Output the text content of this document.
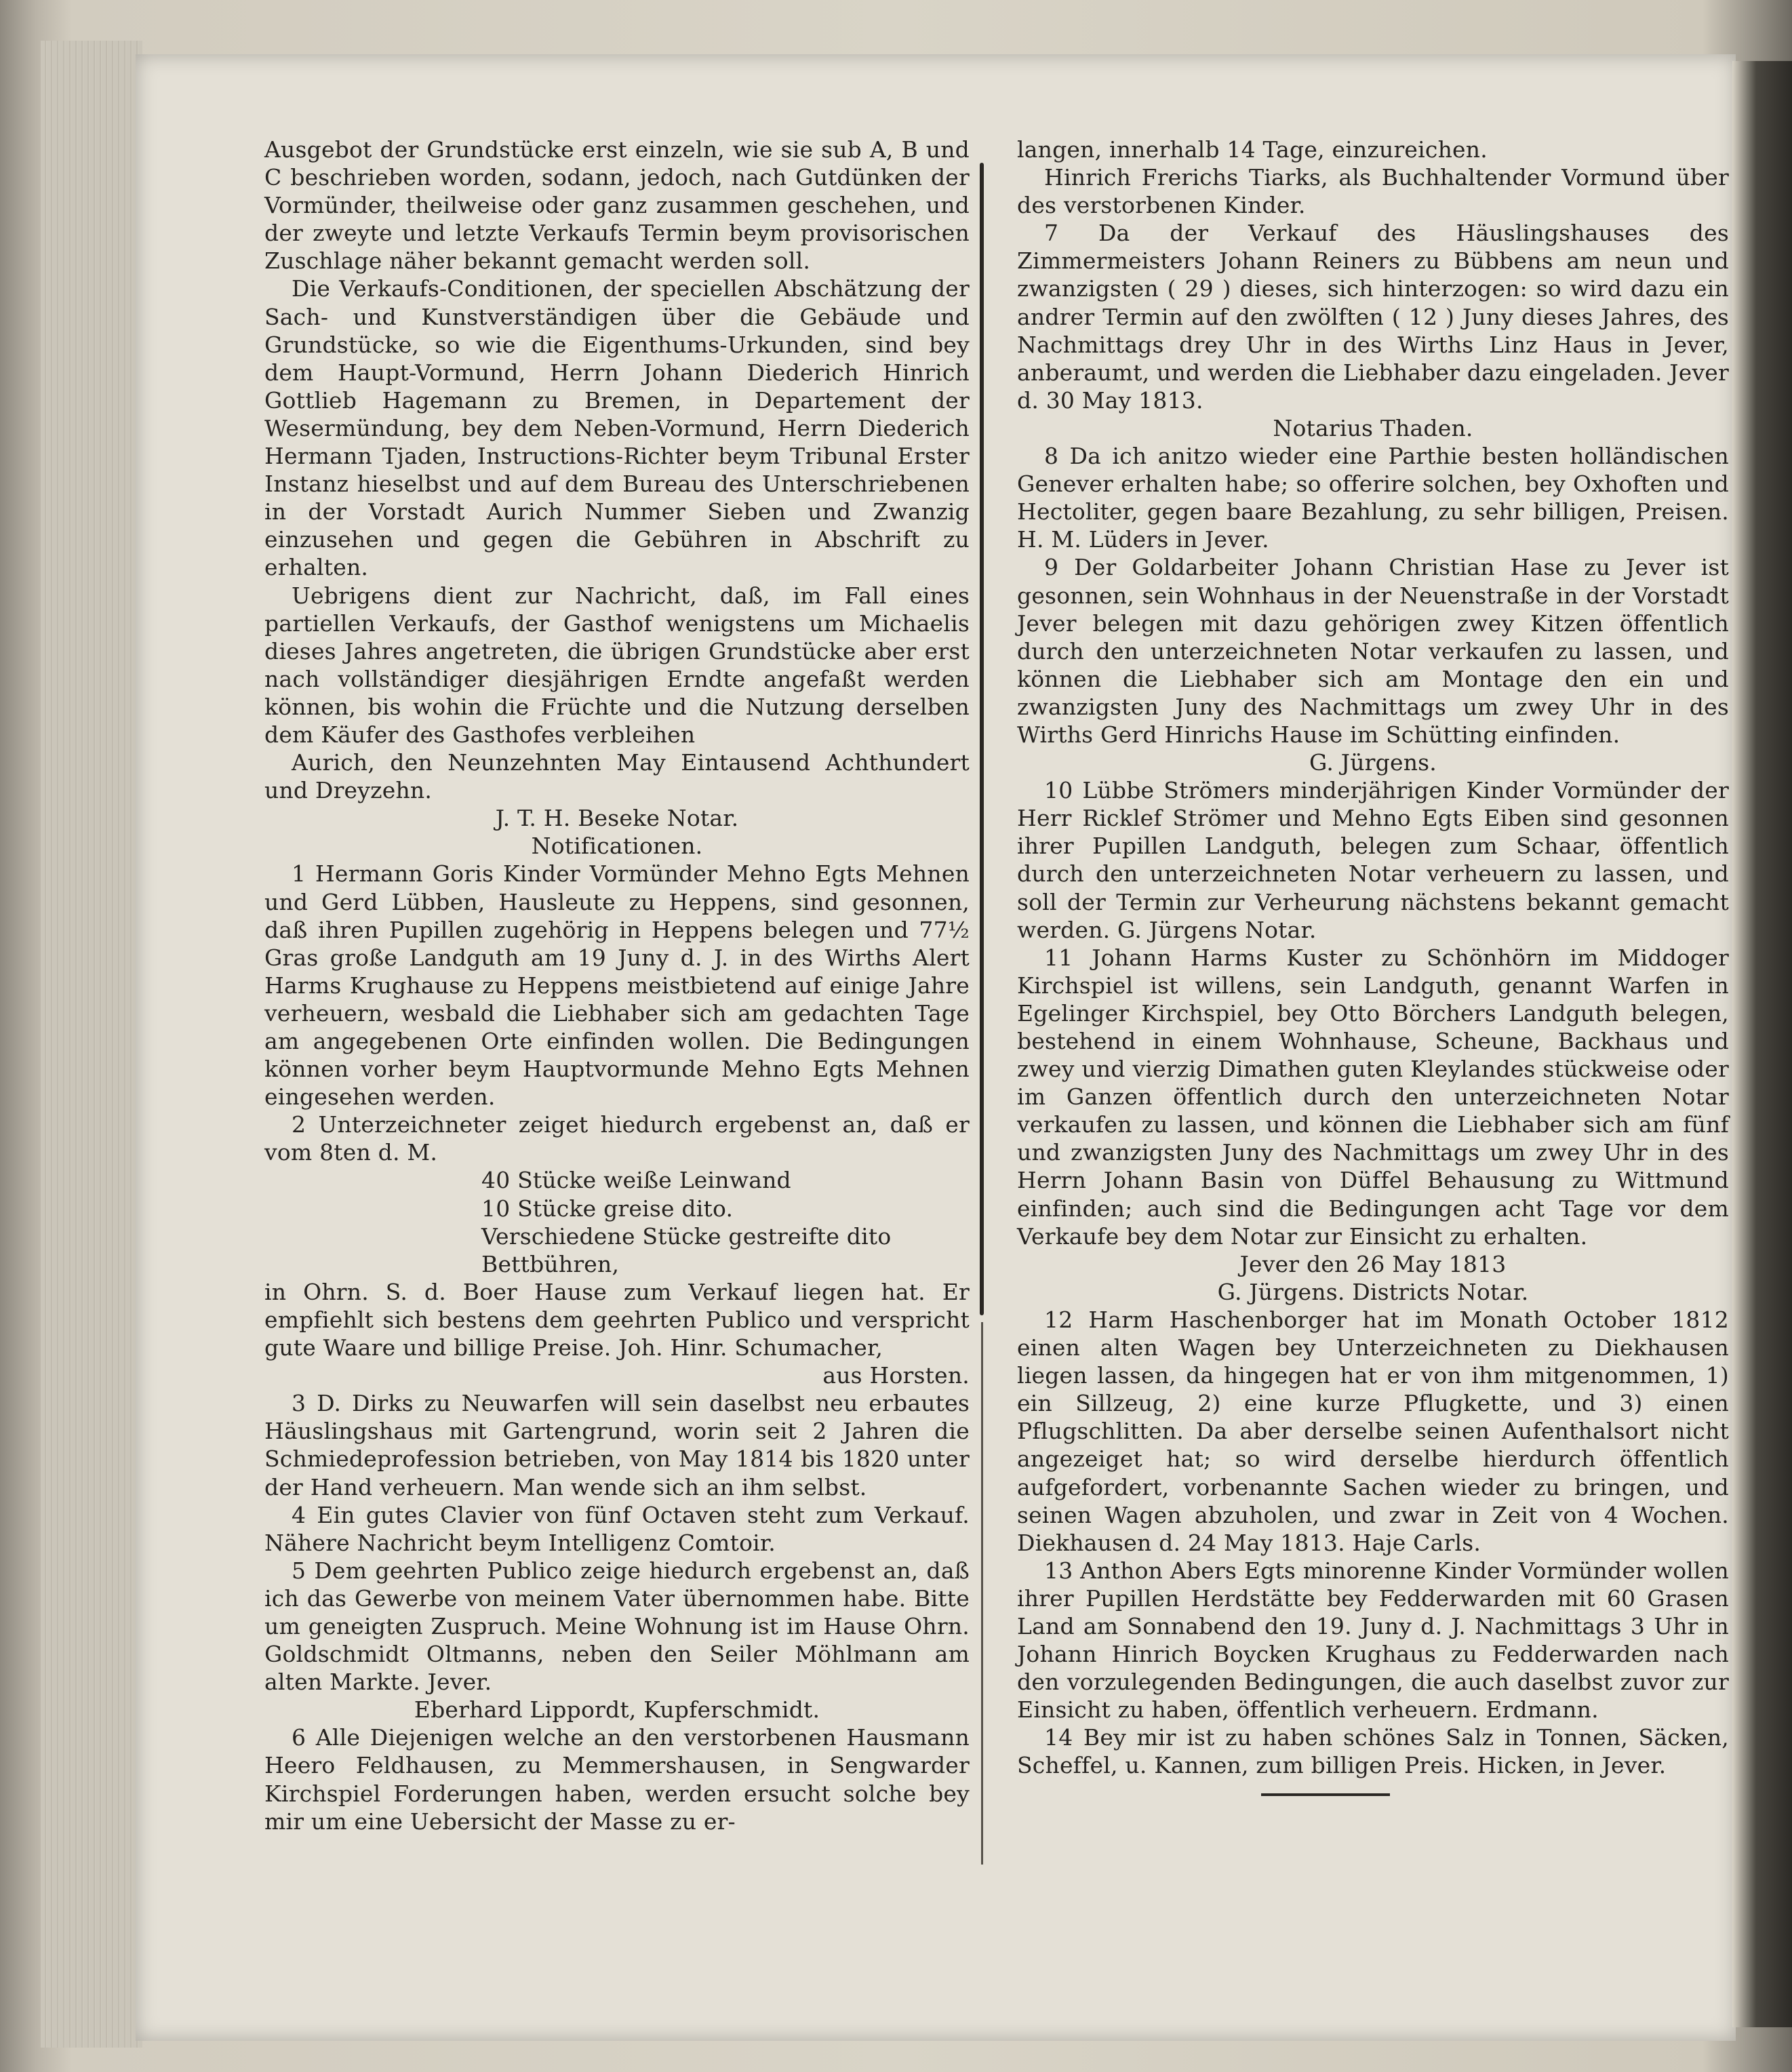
Ausgebot der Grundstücke erst einzeln, wie sie sub A, B und C beschrieben worden, sodann, jedoch, nach Gutdünken der Vormünder, theilweise oder ganz zusammen geschehen, und der zweyte und letzte Verkaufs Termin beym provisorischen Zuschlage näher bekannt gemacht werden soll.

Die Verkaufs-Conditionen, der speciellen Abschätzung der Sach- und Kunstverständigen über die Gebäude und Grundstücke, so wie die Eigenthums-Urkunden, sind bey dem Haupt-Vormund, Herrn Johann Diederich Hinrich Gottlieb Hagemann zu Bremen, in Departement der Wesermündung, bey dem Neben-Vormund, Herrn Diederich Hermann Tjaden, Instructions-Richter beym Tribunal Erster Instanz hieselbst und auf dem Bureau des Unterschriebenen in der Vorstadt Aurich Nummer Sieben und Zwanzig einzusehen und gegen die Gebühren in Abschrift zu erhalten.

Uebrigens dient zur Nachricht, daß, im Fall eines partiellen Verkaufs, der Gasthof wenigstens um Michaelis dieses Jahres angetreten, die übrigen Grundstücke aber erst nach vollständiger diesjährigen Erndte angefaßt werden können, bis wohin die Früchte und die Nutzung derselben dem Käufer des Gasthofes verbleihen

Aurich, den Neunzehnten May Eintausend Achthundert und Dreyzehn.

J. T. H. Beseke Notar.

Notificationen.

1 Hermann Goris Kinder Vormünder Mehno Egts Mehnen und Gerd Lübben, Hausleute zu Heppens, sind gesonnen, daß ihren Pupillen zugehörig in Heppens belegen und 77½ Gras große Landguth am 19 Juny d. J. in des Wirths Alert Harms Krughause zu Heppens meistbietend auf einige Jahre verheuern, wesbald die Liebhaber sich am gedachten Tage am angegebenen Orte einfinden wollen. Die Bedingungen können vorher beym Hauptvormunde Mehno Egts Mehnen eingesehen werden.

2 Unterzeichneter zeiget hiedurch ergebenst an, daß er vom 8ten d. M.

40 Stücke weiße Leinwand

10 Stücke greise dito.

Verschiedene Stücke gestreifte dito

Bettbühren,

in Ohrn. S. d. Boer Hause zum Verkauf liegen hat. Er empfiehlt sich bestens dem geehrten Publico und verspricht gute Waare und billige Preise. Joh. Hinr. Schumacher,

aus Horsten.

3 D. Dirks zu Neuwarfen will sein daselbst neu erbautes Häuslingshaus mit Gartengrund, worin seit 2 Jahren die Schmiedeprofession betrieben, von May 1814 bis 1820 unter der Hand verheuern. Man wende sich an ihm selbst.

4 Ein gutes Clavier von fünf Octaven steht zum Verkauf. Nähere Nachricht beym Intelligenz Comtoir.

5 Dem geehrten Publico zeige hiedurch ergebenst an, daß ich das Gewerbe von meinem Vater übernommen habe. Bitte um geneigten Zuspruch. Meine Wohnung ist im Hause Ohrn. Goldschmidt Oltmanns, neben den Seiler Möhlmann am alten Markte. Jever.

Eberhard Lippordt, Kupferschmidt.

6 Alle Diejenigen welche an den verstorbenen Hausmann Heero Feldhausen, zu Memmershausen, in Sengwarder Kirchspiel Forderungen haben, werden ersucht solche bey mir um eine Uebersicht der Masse zu er-

langen, innerhalb 14 Tage, einzureichen.

Hinrich Frerichs Tiarks, als Buchhaltender Vormund über des verstorbenen Kinder.

7 Da der Verkauf des Häuslingshauses des Zimmermeisters Johann Reiners zu Bübbens am neun und zwanzigsten ( 29 ) dieses, sich hinterzogen: so wird dazu ein andrer Termin auf den zwölften ( 12 ) Juny dieses Jahres, des Nachmittags drey Uhr in des Wirths Linz Haus in Jever, anberaumt, und werden die Liebhaber dazu eingeladen. Jever d. 30 May 1813.

Notarius Thaden.

8 Da ich anitzo wieder eine Parthie besten holländischen Genever erhalten habe; so offerire solchen, bey Oxhoften und Hectoliter, gegen baare Bezahlung, zu sehr billigen, Preisen. H. M. Lüders in Jever.

9 Der Goldarbeiter Johann Christian Hase zu Jever ist gesonnen, sein Wohnhaus in der Neuenstraße in der Vorstadt Jever belegen mit dazu gehörigen zwey Kitzen öffentlich durch den unterzeichneten Notar verkaufen zu lassen, und können die Liebhaber sich am Montage den ein und zwanzigsten Juny des Nachmittags um zwey Uhr in des Wirths Gerd Hinrichs Hause im Schütting einfinden.

G. Jürgens.

10 Lübbe Strömers minderjährigen Kinder Vormünder der Herr Ricklef Strömer und Mehno Egts Eiben sind gesonnen ihrer Pupillen Landguth, belegen zum Schaar, öffentlich durch den unterzeichneten Notar verheuern zu lassen, und soll der Termin zur Verheurung nächstens bekannt gemacht werden. G. Jürgens Notar.

11 Johann Harms Kuster zu Schönhörn im Middoger Kirchspiel ist willens, sein Landguth, genannt Warfen in Egelinger Kirchspiel, bey Otto Börchers Landguth belegen, bestehend in einem Wohnhause, Scheune, Backhaus und zwey und vierzig Dimathen guten Kleylandes stückweise oder im Ganzen öffentlich durch den unterzeichneten Notar verkaufen zu lassen, und können die Liebhaber sich am fünf und zwanzigsten Juny des Nachmittags um zwey Uhr in des Herrn Johann Basin von Düffel Behausung zu Wittmund einfinden; auch sind die Bedingungen acht Tage vor dem Verkaufe bey dem Notar zur Einsicht zu erhalten.

Jever den 26 May 1813

G. Jürgens. Districts Notar.

12 Harm Haschenborger hat im Monath October 1812 einen alten Wagen bey Unterzeichneten zu Diekhausen liegen lassen, da hingegen hat er von ihm mitgenommen, 1) ein Sillzeug, 2) eine kurze Pflugkette, und 3) einen Pflugschlitten. Da aber derselbe seinen Aufenthalsort nicht angezeiget hat; so wird derselbe hierdurch öffentlich aufgefordert, vorbenannte Sachen wieder zu bringen, und seinen Wagen abzuholen, und zwar in Zeit von 4 Wochen. Diekhausen d. 24 May 1813. Haje Carls.

13 Anthon Abers Egts minorenne Kinder Vormünder wollen ihrer Pupillen Herdstätte bey Fedderwarden mit 60 Grasen Land am Sonnabend den 19. Juny d. J. Nachmittags 3 Uhr in Johann Hinrich Boycken Krughaus zu Fedderwarden nach den vorzulegenden Bedingungen, die auch daselbst zuvor zur Einsicht zu haben, öffentlich verheuern. Erdmann.

14 Bey mir ist zu haben schönes Salz in Tonnen, Säcken, Scheffel, u. Kannen, zum billigen Preis. Hicken, in Jever.
